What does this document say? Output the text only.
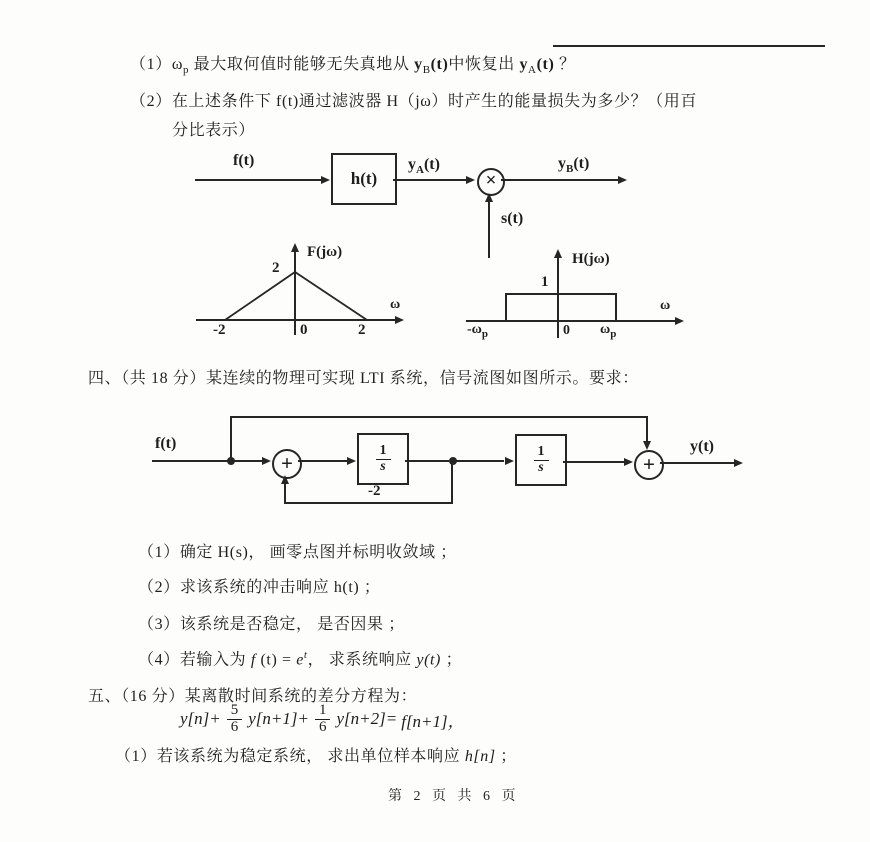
$(1)\omega_p$ 最大取何值时能够无失真地从 $y_B(t)$中恢复出 $y_A(t)$ ？
（2）在上述条件下 f(t)通过滤波器 H（jω）时产生的能量损失为多少？（用百
分比表示）
f(t)
h(t)
$y_A(t)$
×
$y_B(t)$
s(t)
F(jω)
ω
2
-2	0	2
H(jω)
ω
1
$-\omega_p$	0 $\omega_p$
四、（共 18 分）某连续的物理可实现 LTI 系统，信号流图如图所示。要求：
f(t)
+	$\frac{1}{s}$	$\frac{1}{s}$	+
y(t)
-2
（1）确定 H(s)， 画零点图并标明收敛域 ；
（2）求该系统的冲击响应 h(t) ；
（3）该系统是否稳定， 是否因果 ；
（4）若输入为 f $(t) = e^t$， 求系统响应 y(t) ；
五、（16 分）某离散时间系统的差分方程为：
$y[n]+ \frac{5}{6} y[n+1]+ \frac{1}{6} y[n+2]= f[n+1]$，
（1）若该系统为稳定系统， 求出单位样本响应 h[n] ；
第 2 页 共 6 页
